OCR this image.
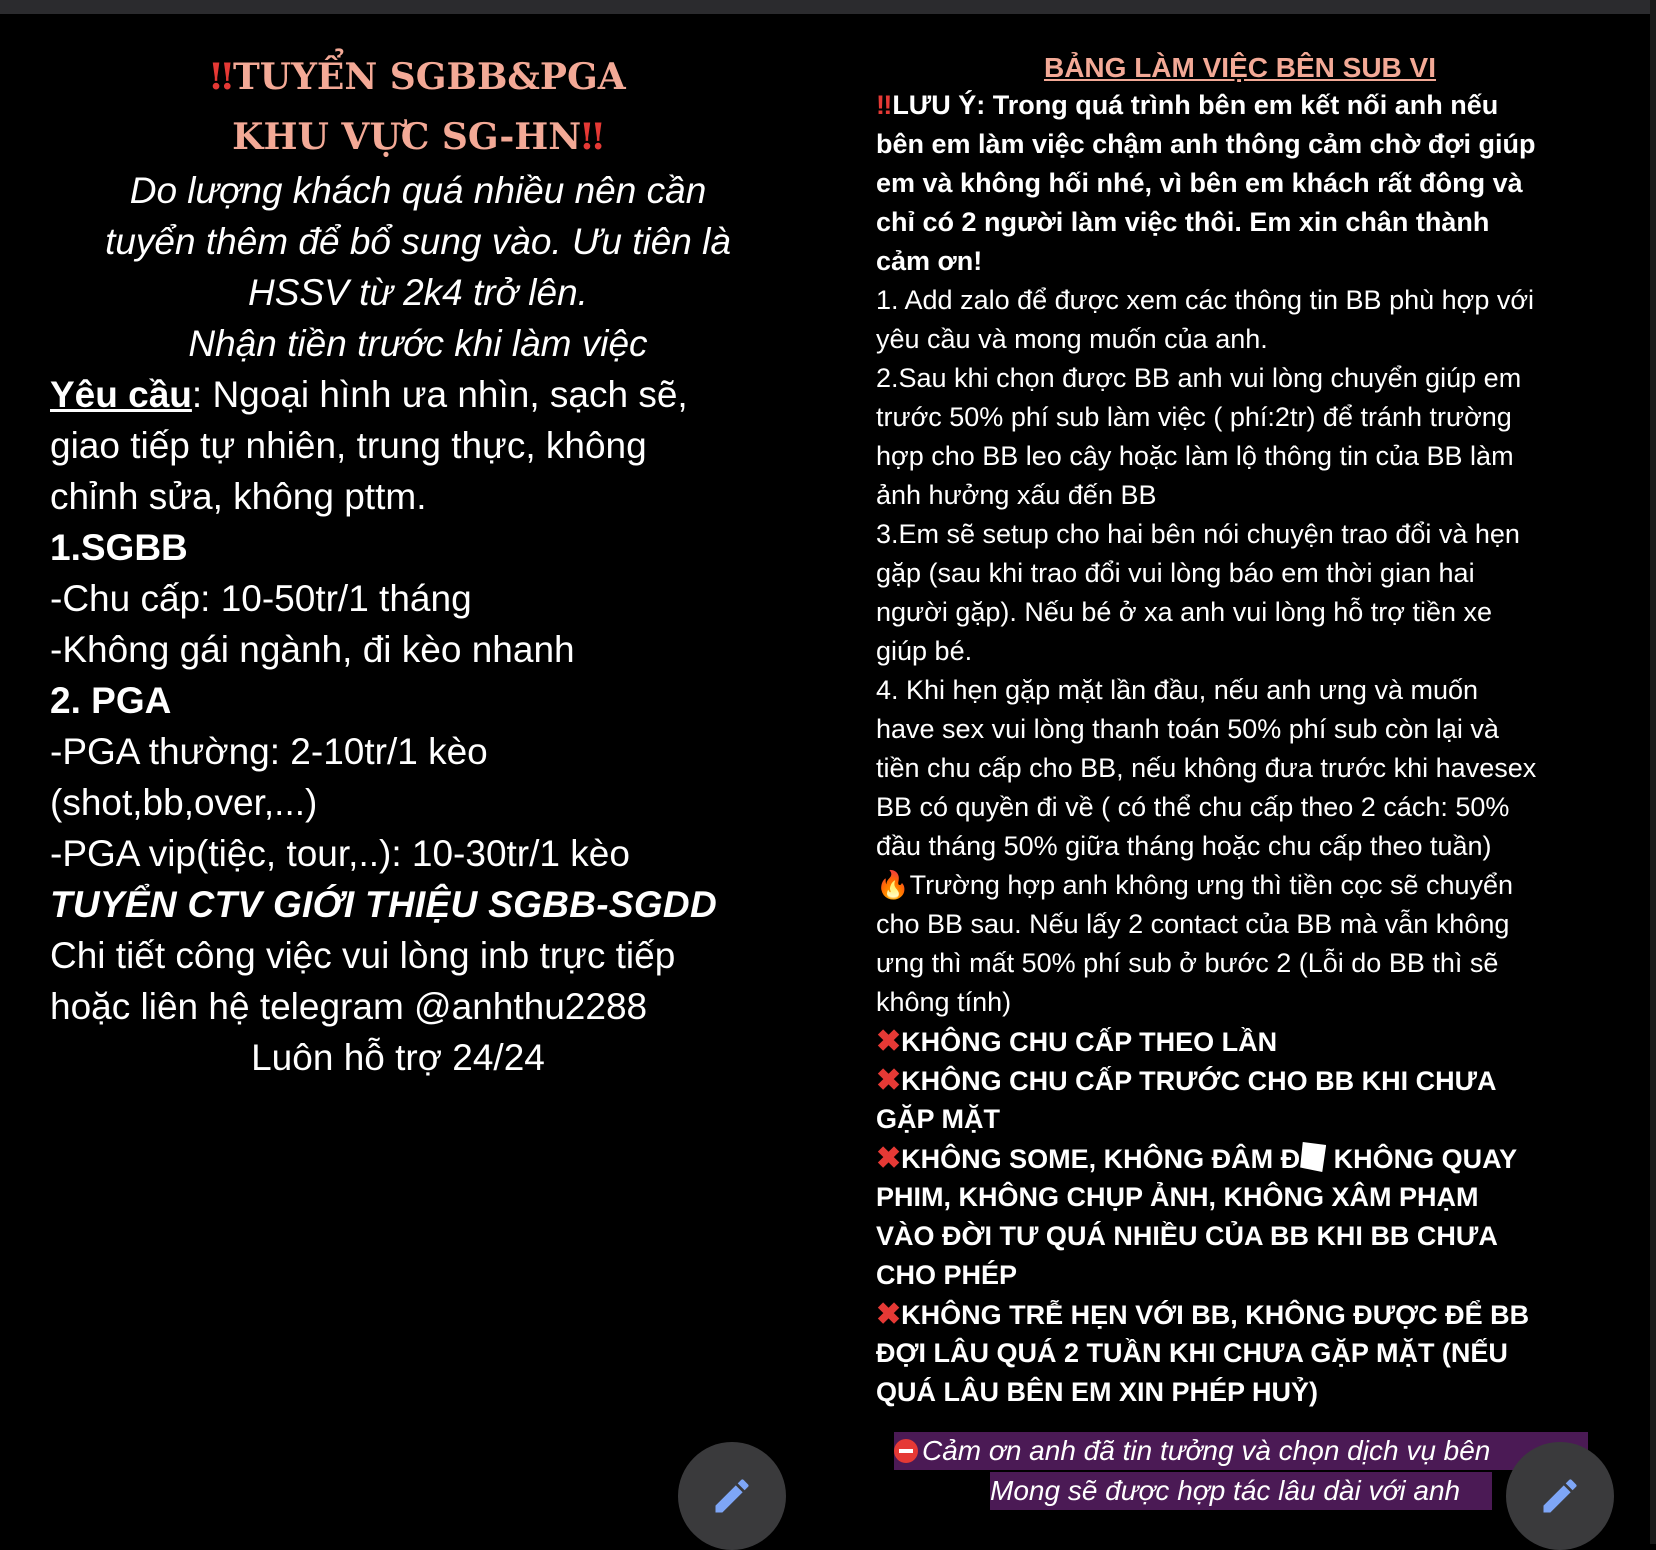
‼TUYỂN SGBB&PGA
KHU VỰC SG-HN‼
Do lượng khách quá nhiều nên cần
tuyển thêm để bổ sung vào. Ưu tiên là
HSSV từ 2k4 trở lên.
Nhận tiền trước khi làm việc
Yêu cầu: Ngoại hình ưa nhìn, sạch sẽ,
giao tiếp tự nhiên, trung thực, không
chỉnh sửa, không pttm.
1.SGBB
-Chu cấp: 10-50tr/1 tháng
-Không gái ngành, đi kèo nhanh
2. PGA
-PGA thường: 2-10tr/1 kèo
(shot,bb,over,...)
-PGA vip(tiệc, tour,..): 10-30tr/1 kèo
TUYỂN CTV GIỚI THIỆU SGBB-SGDD
Chi tiết công việc vui lòng inb trực tiếp
hoặc liên hệ telegram @anhthu2288
Luôn hỗ trợ 24/24
BẢNG LÀM VIỆC BÊN SUB VI
‼LƯU Ý: Trong quá trình bên em kết nối anh nếu
bên em làm việc chậm anh thông cảm chờ đợi giúp
em và không hối nhé, vì bên em khách rất đông và
chỉ có 2 người làm việc thôi. Em xin chân thành
cảm ơn!
1. Add zalo để được xem các thông tin BB phù hợp với
yêu cầu và mong muốn của anh.
2.Sau khi chọn được BB anh vui lòng chuyển giúp em
trước 50% phí sub làm việc ( phí:2tr) để tránh trường
hợp cho BB leo cây hoặc làm lộ thông tin của BB làm
ảnh hưởng xấu đến BB
3.Em sẽ setup cho hai bên nói chuyện trao đổi và hẹn
gặp (sau khi trao đổi vui lòng báo em thời gian hai
người gặp). Nếu bé ở xa anh vui lòng hỗ trợ tiền xe
giúp bé.
4. Khi hẹn gặp mặt lần đầu, nếu anh ưng và muốn
have sex vui lòng thanh toán 50% phí sub còn lại và
tiền chu cấp cho BB, nếu không đưa trước khi havesex
BB có quyền đi về ( có thể chu cấp theo 2 cách: 50%
đầu tháng 50% giữa tháng hoặc chu cấp theo tuần)
🔥Trường hợp anh không ưng thì tiền cọc sẽ chuyển
cho BB sau. Nếu lấy 2 contact của BB mà vẫn không
ưng thì mất 50% phí sub ở bước 2 (Lỗi do BB thì sẽ
không tính)
✖KHÔNG CHU CẤP THEO LẦN
✖KHÔNG CHU CẤP TRƯỚC CHO BB KHI CHƯA
GẶP MẶT
✖KHÔNG SOME, KHÔNG ĐÂM Đ KHÔNG QUAY
PHIM, KHÔNG CHỤP ẢNH, KHÔNG XÂM PHẠM
VÀO ĐỜI TƯ QUÁ NHIỀU CỦA BB KHI BB CHƯA
CHO PHÉP
✖KHÔNG TRỄ HẸN VỚI BB, KHÔNG ĐƯỢC ĐỂ BB
ĐỢI LÂU QUÁ 2 TUẦN KHI CHƯA GẶP MẶT (NẾU
QUÁ LÂU BÊN EM XIN PHÉP HUỶ)
Cảm ơn anh đã tin tưởng và chọn dịch vụ bên
Mong sẽ được hợp tác lâu dài với anh
